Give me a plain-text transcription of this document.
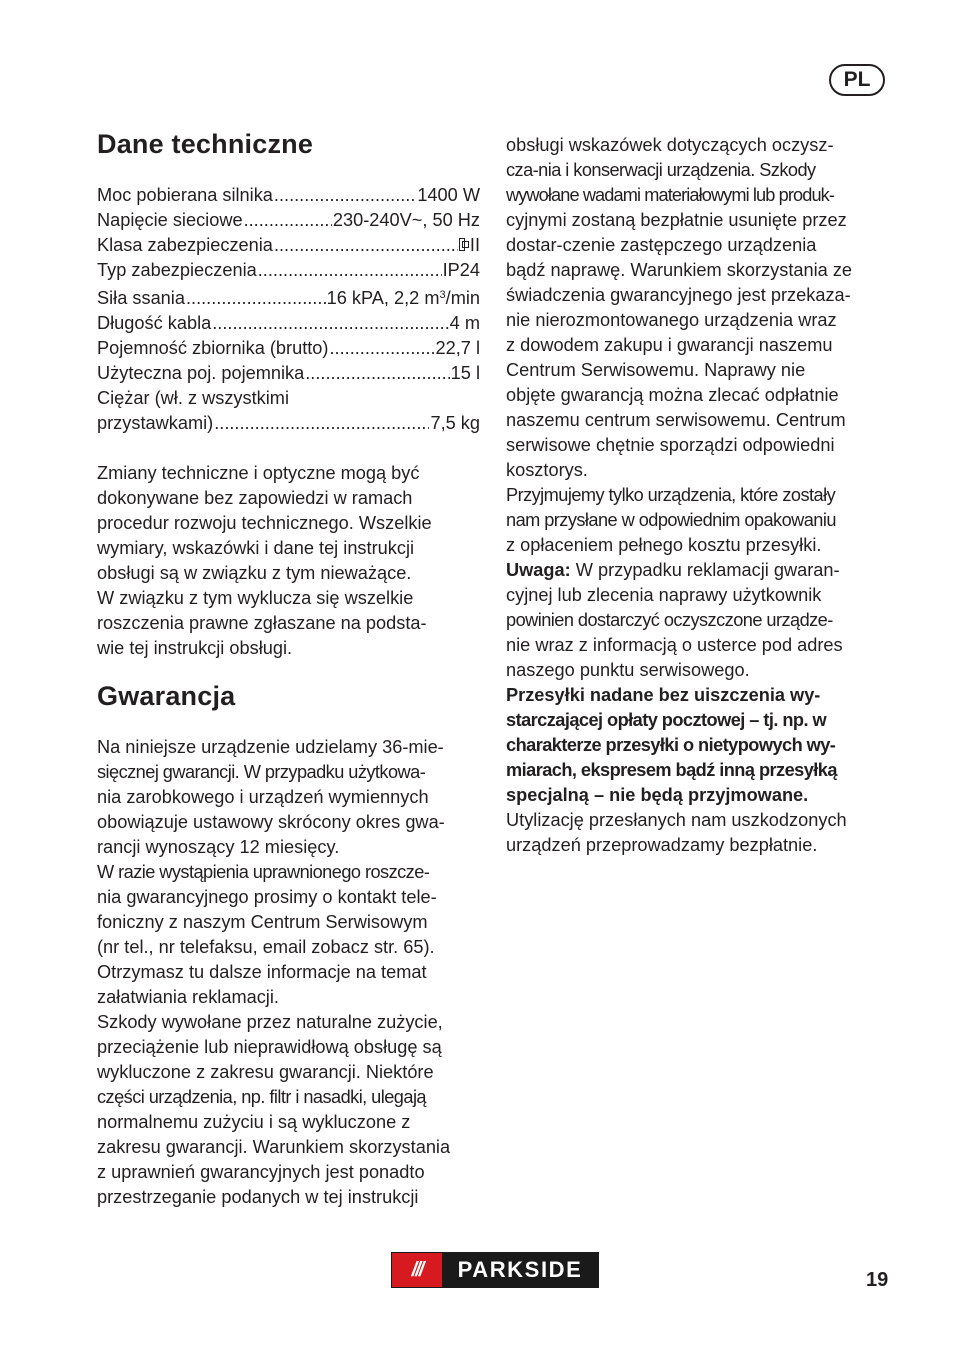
PL
Dane techniczne
Moc pobierana silnika .....	1400 W
Napięcie sieciowe .....	230-240V~, 50 Hz
Klasa zabezpieczenia .....	II
Typ zabezpieczenia .....	IP24
Siła ssania .....	16 kPA, 2,2 $m^3/\min$
Długość kabla .....	4 m
Pojemność zbiornika (brutto) .....	22,7 l
Użyteczna poj. pojemnika .....	15 l
Ciężar (wł. z wszystkimi
przystawkami) .....	7,5 kg
Zmiany techniczne i optyczne mogą być
dokonywane bez zapowiedzi w ramach
procedur rozwoju technicznego. Wszelkie
wymiary, wskazówki i dane tej instrukcji
obsługi są w związku z tym nieważące.
W związku z tym wyklucza się wszelkie
roszczenia prawne zgłaszane na podsta-
wie tej instrukcji obsługi.
Gwarancja
Na niniejsze urządzenie udzielamy 36-mie-
sięcznej gwarancji. W przypadku użytkowa-
nia zarobkowego i urządzeń wymiennych
obowiązuje ustawowy skrócony okres gwa-
rancji wynoszący 12 miesięcy.
W razie wystąpienia uprawnionego roszcze-
nia gwarancyjnego prosimy o kontakt tele-
foniczny z naszym Centrum Serwisowym
(nr tel., nr telefaksu, email zobacz str. 65).
Otrzymasz tu dalsze informacje na temat
załatwiania reklamacji.
Szkody wywołane przez naturalne zużycie,
przeciążenie lub nieprawidłową obsługę są
wykluczone z zakresu gwarancji. Niektóre
części urządzenia, np. filtr i nasadki, ulegają
normalnemu zużyciu i są wykluczone z
zakresu gwarancji. Warunkiem skorzystania
z uprawnień gwarancyjnych jest ponadto
przestrzeganie podanych w tej instrukcji
obsługi wskazówek dotyczących oczysz-
cza-nia i konserwacji urządzenia. Szkody
wywołane wadami materiałowymi lub produk-
cyjnymi zostaną bezpłatnie usunięte przez
dostar-czenie zastępczego urządzenia
bądź naprawę. Warunkiem skorzystania ze
świadczenia gwarancyjnego jest przekaza-
nie nierozmontowanego urządzenia wraz
z dowodem zakupu i gwarancji naszemu
Centrum Serwisowemu. Naprawy nie
objęte gwarancją można zlecać odpłatnie
naszemu centrum serwisowemu. Centrum
serwisowe chętnie sporządzi odpowiedni
kosztorys.
Przyjmujemy tylko urządzenia, które zostały
nam przysłane w odpowiednim opakowaniu
z opłaceniem pełnego kosztu przesyłki.
Uwaga: W przypadku reklamacji gwaran-
cyjnej lub zlecenia naprawy użytkownik
powinien dostarczyć oczyszczone urządze-
nie wraz z informacją o usterce pod adres
naszego punktu serwisowego.
Przesyłki nadane bez uiszczenia wy-
starczającej opłaty pocztowej – tj. np. w
charakterze przesyłki o nietypowych wy-
miarach, ekspresem bądź inną przesyłką
specjalną – nie będą przyjmowane.
Utylizację przesłanych nam uszkodzonych
urządzeń przeprowadzamy bezpłatnie.
///	PARKSIDE	19
